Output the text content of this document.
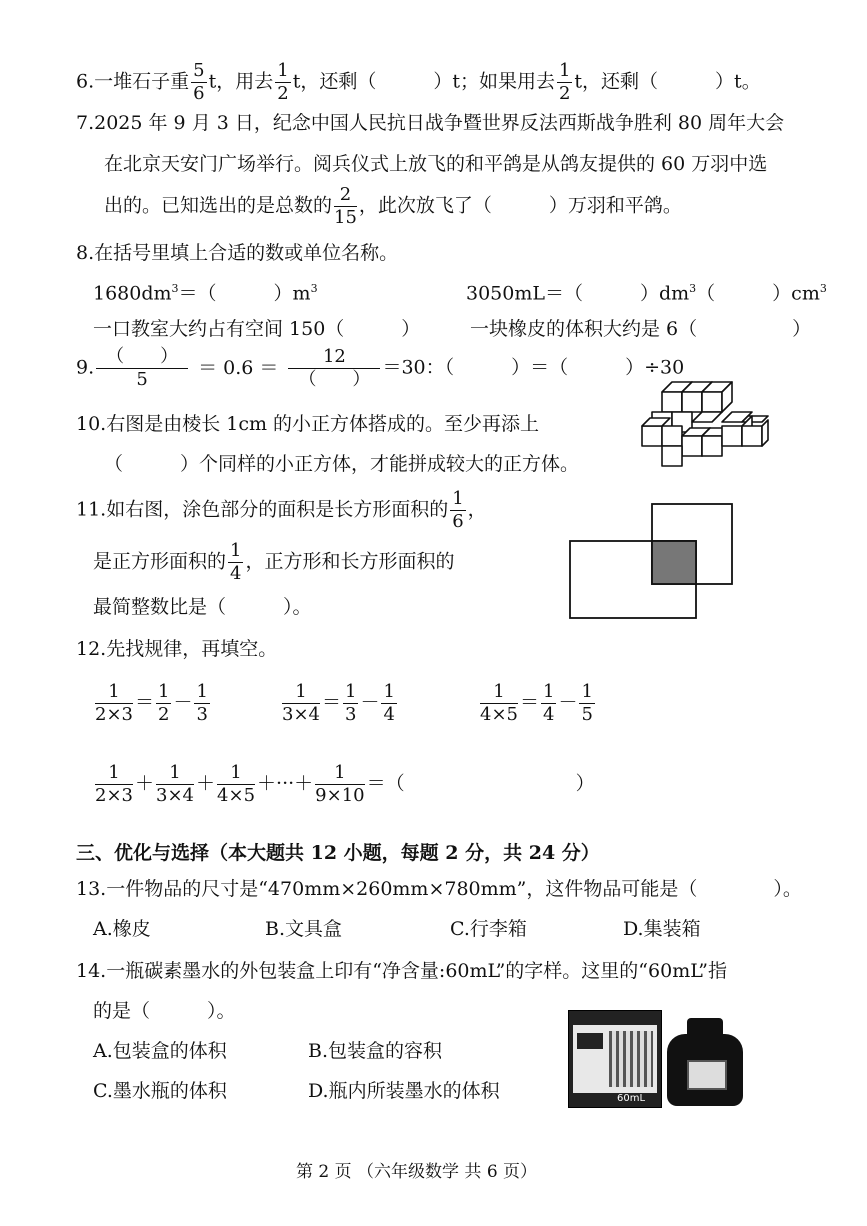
6.一堆石子重 $\frac{5}{6}$ t，用去 $\frac{1}{2}$ t，还剩（　　　）t；如果用去 $\frac{1}{2}$ t，还剩（　　　）t。
7.2025 年 9 月 3 日，纪念中国人民抗日战争暨世界反法西斯战争胜利 80 周年大会
在北京天安门广场举行。阅兵仪式上放飞的和平鸽是从鸽友提供的 60 万羽中选
出的。已知选出的是总数的 $\frac{2}{15}$ ，此次放飞了（　　　）万羽和平鸽。
8.在括号里填上合适的数或单位名称。
$1680dm^3=$（　　　）$m^3$	3050mL＝（　　　）$dm^3$（　　　）$cm^3$
一口教室大约占有空间 150（　　　）	一块橡皮的体积大约是 6（　　　　　）
9. $\frac{( )}{5} = 0.6 = \frac{12}{( )} =30$：（　　　）＝（　　　）÷30
10.右图是由棱长 1cm 的小正方体搭成的。至少再添上
（　　　）个同样的小正方体，才能拼成较大的正方体。
11.如右图，涂色部分的面积是长方形面积的 $\frac{1}{6}$ ，
是正方形面积的 $\frac{1}{4}$ ，正方形和长方形面积的
最简整数比是（　　　）。
12.先找规律，再填空。
$\frac{1}{2\times 3} = \frac{1}{2} - \frac{1}{3}$	$\frac{1}{3\times 4} = \frac{1}{3} - \frac{1}{4}$	$\frac{1}{4\times 5} = \frac{1}{4} - \frac{1}{5}$
$\frac{1}{2\times 3} + \frac{1}{3\times 4} + \frac{1}{4\times 5}$ ＋···＋ $\frac{1}{9\times 10}$ ＝（　　　　　　　　　）
三、优化与选择（本大题共 12 小题，每题 2 分，共 24 分）
13.一件物品的尺寸是“470mm×260mm×780mm”，这件物品可能是（　　　　）。
A.橡皮	B.文具盒	C.行李箱	D.集装箱
14.一瓶碳素墨水的外包装盒上印有“净含量:60mL”的字样。这里的“60mL”指
的是（　　　）。
A.包装盒的体积	B.包装盒的容积
C.墨水瓶的体积	D.瓶内所装墨水的体积	60mL
第 2 页 （六年级数学 共 6 页）
